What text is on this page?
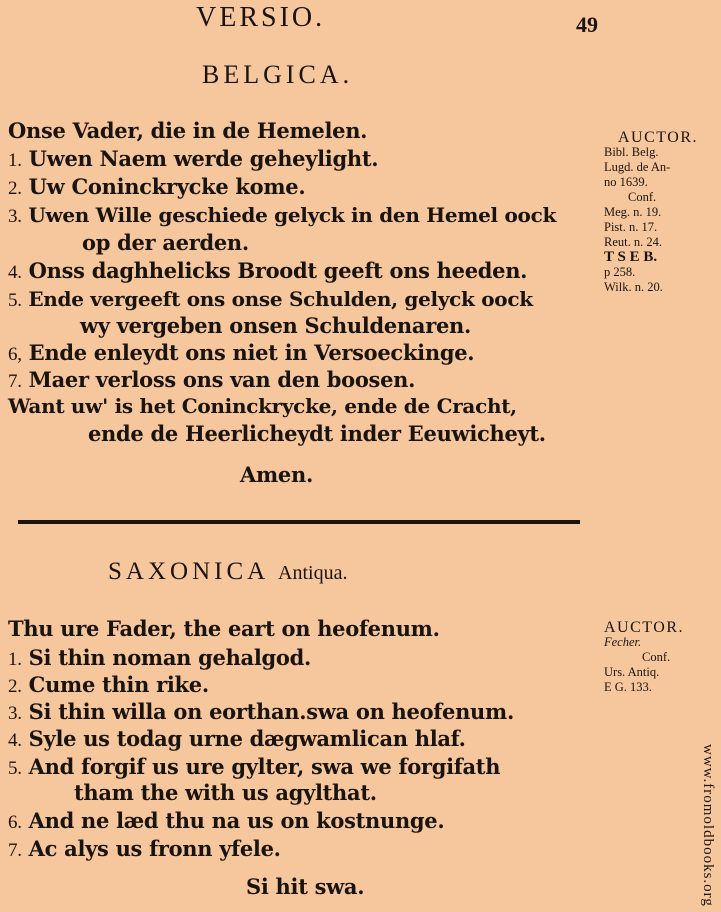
VERSIO.	49
BELGICA.
Onse Vader, die in de Hemelen.
1. Uwen Naem werde geheylight.
2. Uw Coninckrycke kome.
3. Uwen Wille geschiede gelyck in den Hemel oock
op der aerden.
4. Onss daghhelicks Broodt geeft ons heeden.
5. Ende vergeeft ons onse Schulden, gelyck oock
wy vergeben onsen Schuldenaren.
6, Ende enleydt ons niet in Versoeckinge.
7. Maer verloss ons van den boosen.
Want uw' is het Coninckrycke, ende de Cracht,
ende de Heerlicheydt inder Eeuwicheyt.
Amen.
AUCTOR.
Bibl. Belg.
Lugd. de An-
no 1639.
Conf.
Meg. n. 19.
Pist. n. 17.
Reut. n. 24.
T S E B.
p 258.
Wilk. n. 20.
SAXONICA Antiqua.
Thu ure Fader, the eart on heofenum.
1. Si thin noman gehalgod.
2. Cume thin rike.
3. Si thin willa on eorthan.swa on heofenum.
4. Syle us todag urne dægwamlican hlaf.
5. And forgif us ure gylter, swa we forgifath
tham the with us agylthat.
6. And ne læd thu na us on kostnunge.
7. Ac alys us fronn yfele.
Si hit swa.
AUCTOR.
Fecher.
Conf.
Urs. Antiq.
E G. 133.
www.fromoldbooks.org
